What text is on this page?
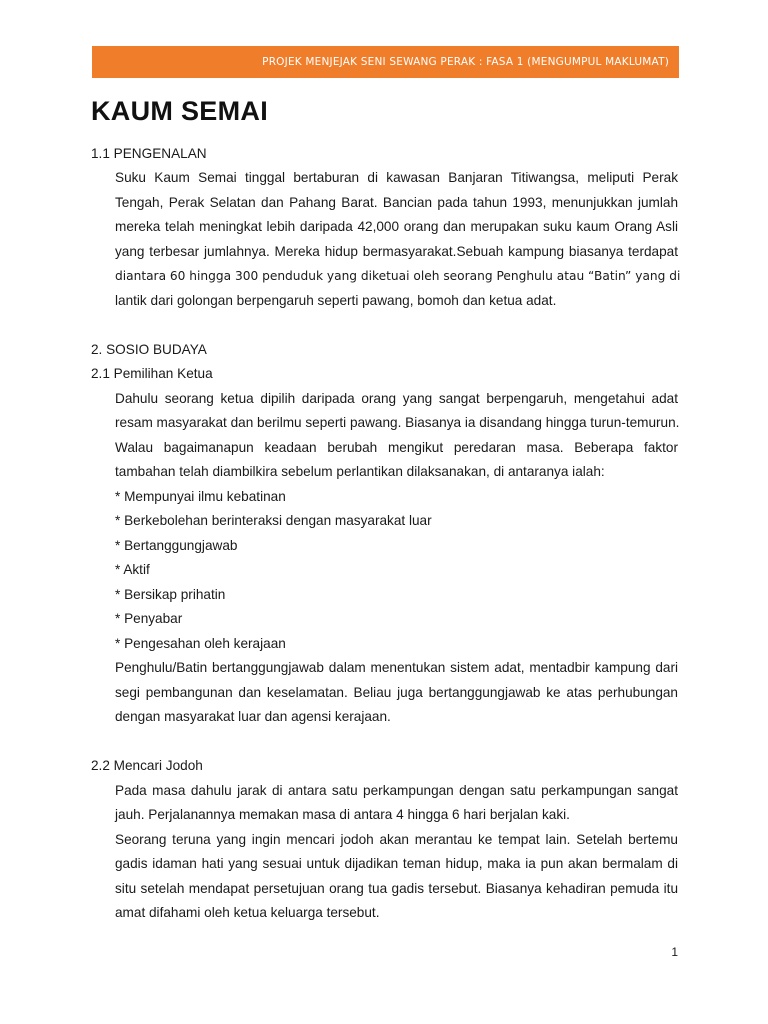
PROJEK MENJEJAK SENI SEWANG PERAK : FASA 1 (MENGUMPUL MAKLUMAT)
KAUM SEMAI

1.1 PENGENALAN

Suku Kaum Semai tinggal bertaburan di kawasan Banjaran Titiwangsa, meliputi Perak

Tengah, Perak Selatan dan Pahang Barat. Bancian pada tahun 1993, menunjukkan jumlah

mereka telah meningkat lebih daripada 42,000 orang dan merupakan suku kaum Orang Asli

yang terbesar jumlahnya. Mereka hidup bermasyarakat.Sebuah kampung biasanya terdapat

diantara 60 hingga 300 penduduk yang diketuai oleh seorang Penghulu atau “Batin” yang di

lantik dari golongan berpengaruh seperti pawang, bomoh dan ketua adat.

2. SOSIO BUDAYA

2.1 Pemilihan Ketua

Dahulu seorang ketua dipilih daripada orang yang sangat berpengaruh, mengetahui adat

resam masyarakat dan berilmu seperti pawang. Biasanya ia disandang hingga turun-temurun.

Walau bagaimanapun keadaan berubah mengikut peredaran masa. Beberapa faktor

tambahan telah diambilkira sebelum perlantikan dilaksanakan, di antaranya ialah:

* Mempunyai ilmu kebatinan

* Berkebolehan berinteraksi dengan masyarakat luar

* Bertanggungjawab

* Aktif

* Bersikap prihatin

* Penyabar

* Pengesahan oleh kerajaan

Penghulu/Batin bertanggungjawab dalam menentukan sistem adat, mentadbir kampung dari

segi pembangunan dan keselamatan. Beliau juga bertanggungjawab ke atas perhubungan

dengan masyarakat luar dan agensi kerajaan.

2.2 Mencari Jodoh

Pada masa dahulu jarak di antara satu perkampungan dengan satu perkampungan sangat

jauh. Perjalanannya memakan masa di antara 4 hingga 6 hari berjalan kaki.

Seorang teruna yang ingin mencari jodoh akan merantau ke tempat lain. Setelah bertemu

gadis idaman hati yang sesuai untuk dijadikan teman hidup, maka ia pun akan bermalam di

situ setelah mendapat persetujuan orang tua gadis tersebut. Biasanya kehadiran pemuda itu

amat difahami oleh ketua keluarga tersebut.

1
